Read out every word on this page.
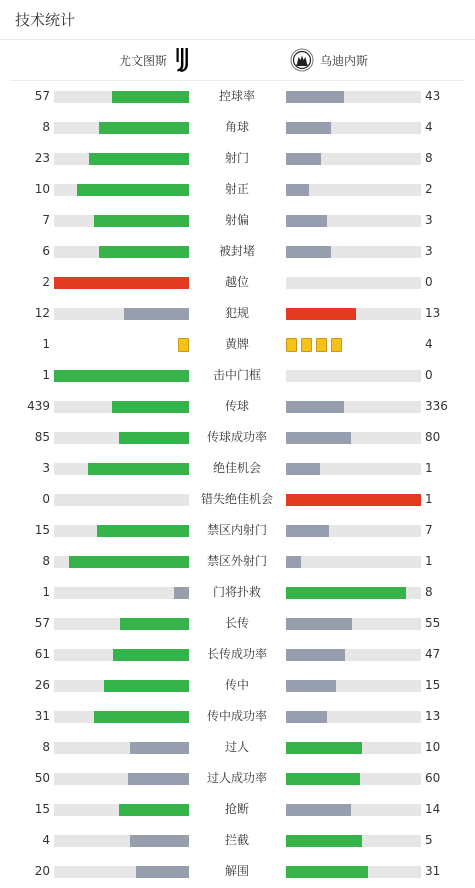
技术统计
尤文图斯	乌迪内斯
57	控球率	43
8	角球	4
23	射门	8
10	射正	2
7	射偏	3
6	被封堵	3
2	越位	0
12	犯规	13
1	黄牌	4
1	击中门框	0
439	传球	336
85	传球成功率	80
3	绝佳机会	1
0	错失绝佳机会	1
15	禁区内射门	7
8	禁区外射门	1
1	门将扑救	8
57	长传	55
61	长传成功率	47
26	传中	15
31	传中成功率	13
8	过人	10
50	过人成功率	60
15	抢断	14
4	拦截	5
20	解围	31
